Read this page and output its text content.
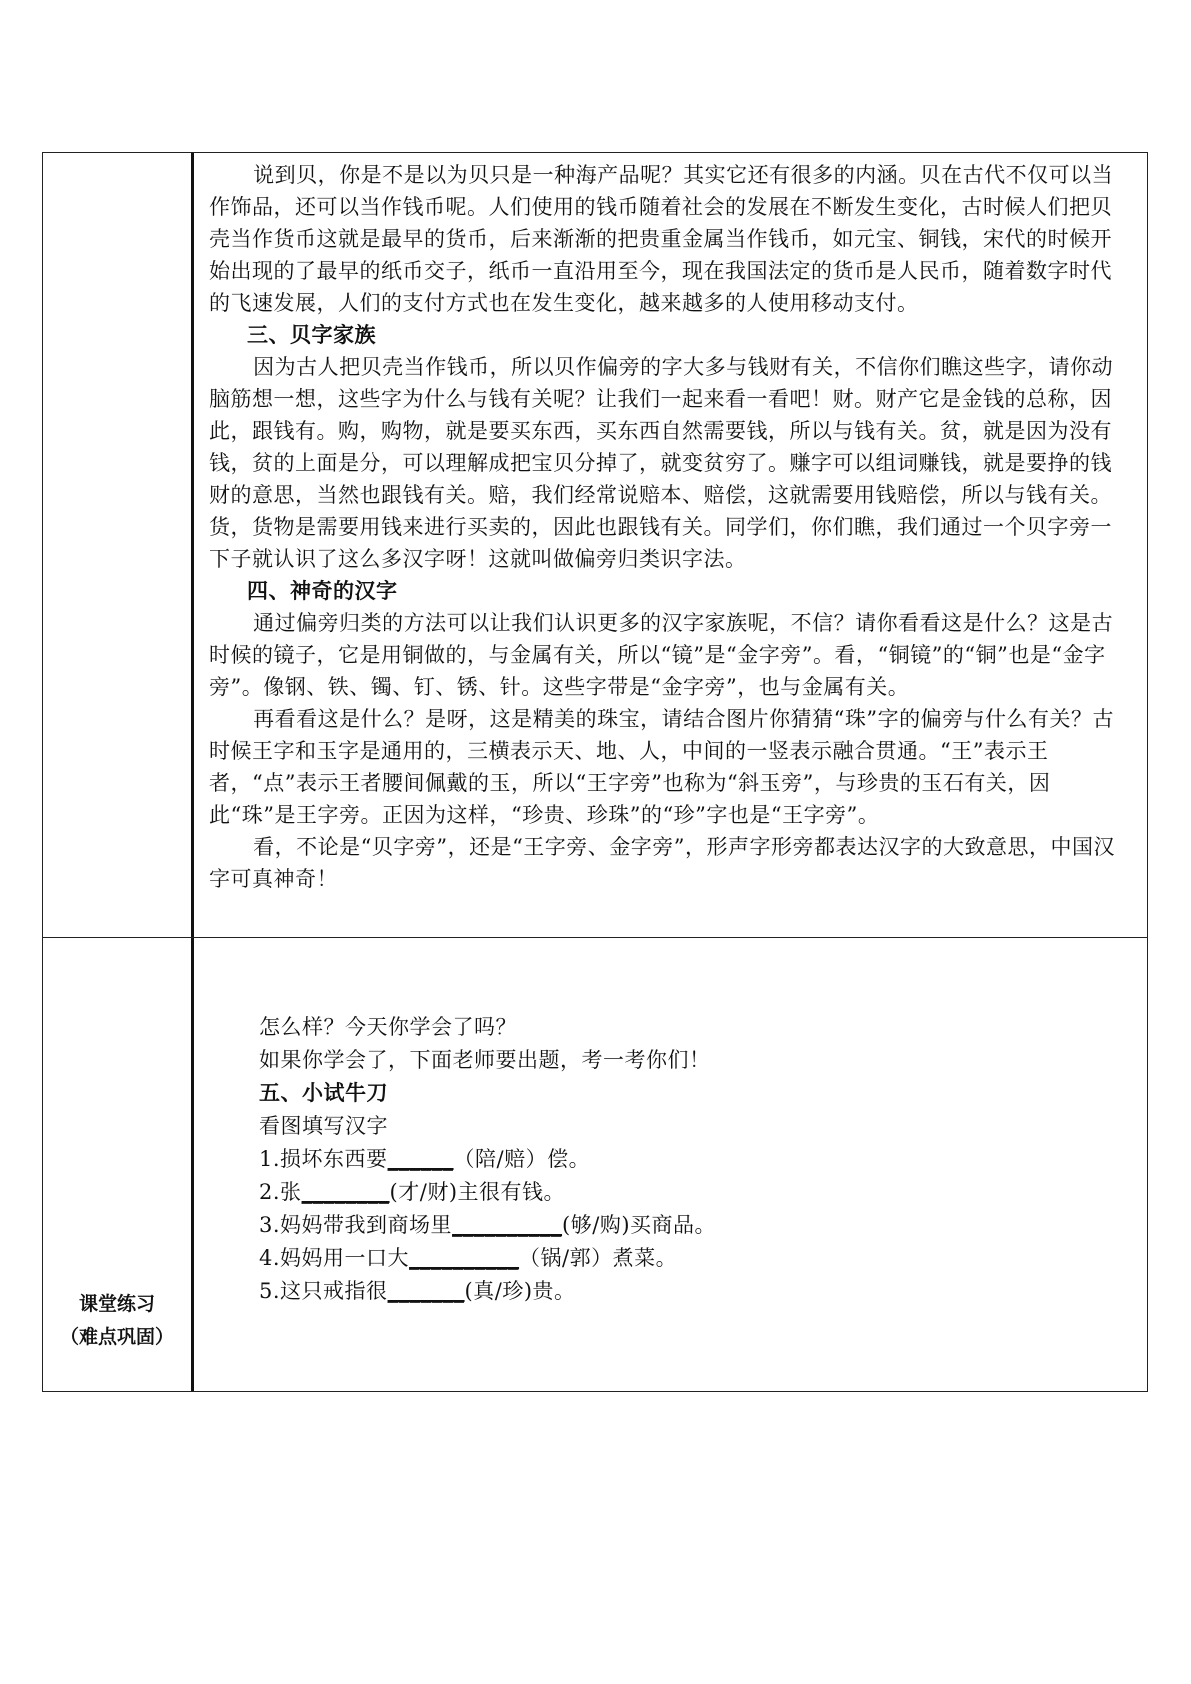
说到贝，你是不是以为贝只是一种海产品呢？其实它还有很多的内涵。贝在古代不仅可以当作饰品，还可以当作钱币呢。人们使用的钱币随着社会的发展在不断发生变化，古时候人们把贝壳当作货币这就是最早的货币，后来渐渐的把贵重金属当作钱币，如元宝、铜钱，宋代的时候开始出现的了最早的纸币交子，纸币一直沿用至今，现在我国法定的货币是人民币，随着数字时代的飞速发展，人们的支付方式也在发生变化，越来越多的人使用移动支付。

三、贝字家族

因为古人把贝壳当作钱币，所以贝作偏旁的字大多与钱财有关，不信你们瞧这些字，请你动脑筋想一想，这些字为什么与钱有关呢？让我们一起来看一看吧！财。财产它是金钱的总称，因此，跟钱有。购，购物，就是要买东西，买东西自然需要钱，所以与钱有关。贫，就是因为没有钱，贫的上面是分，可以理解成把宝贝分掉了，就变贫穷了。赚字可以组词赚钱，就是要挣的钱财的意思，当然也跟钱有关。赔，我们经常说赔本、赔偿，这就需要用钱赔偿，所以与钱有关。货，货物是需要用钱来进行买卖的，因此也跟钱有关。同学们，你们瞧，我们通过一个贝字旁一下子就认识了这么多汉字呀！这就叫做偏旁归类识字法。

四、神奇的汉字

通过偏旁归类的方法可以让我们认识更多的汉字家族呢，不信？请你看看这是什么？这是古时候的镜子，它是用铜做的，与金属有关，所以“镜”是“金字旁”。看，“铜镜”的“铜”也是“金字旁”。像钢、铁、镯、钉、锈、针。这些字带是“金字旁”，也与金属有关。

再看看这是什么？是呀，这是精美的珠宝，请结合图片你猜猜“珠”字的偏旁与什么有关？古时候王字和玉字是通用的，三横表示天、地、人，中间的一竖表示融合贯通。“王”表示王者，“点”表示王者腰间佩戴的玉，所以“王字旁”也称为“斜玉旁”，与珍贵的玉石有关，因此“珠”是王字旁。正因为这样，“珍贵、珍珠”的“珍”字也是“王字旁”。

看，不论是“贝字旁”，还是“王字旁、金字旁”，形声字形旁都表达汉字的大致意思，中国汉字可真神奇！

课堂练习
（难点巩固）

怎么样？今天你学会了吗？

如果你学会了，下面老师要出题，考一考你们！

五、小试牛刀

看图填写汉字

1.损坏东西要______（陪/赔）偿。

2.张________(才/财)主很有钱。

3.妈妈带我到商场里__________(够/购)买商品。

4.妈妈用一口大__________（锅/郭）煮菜。

5.这只戒指很_______(真/珍)贵。
